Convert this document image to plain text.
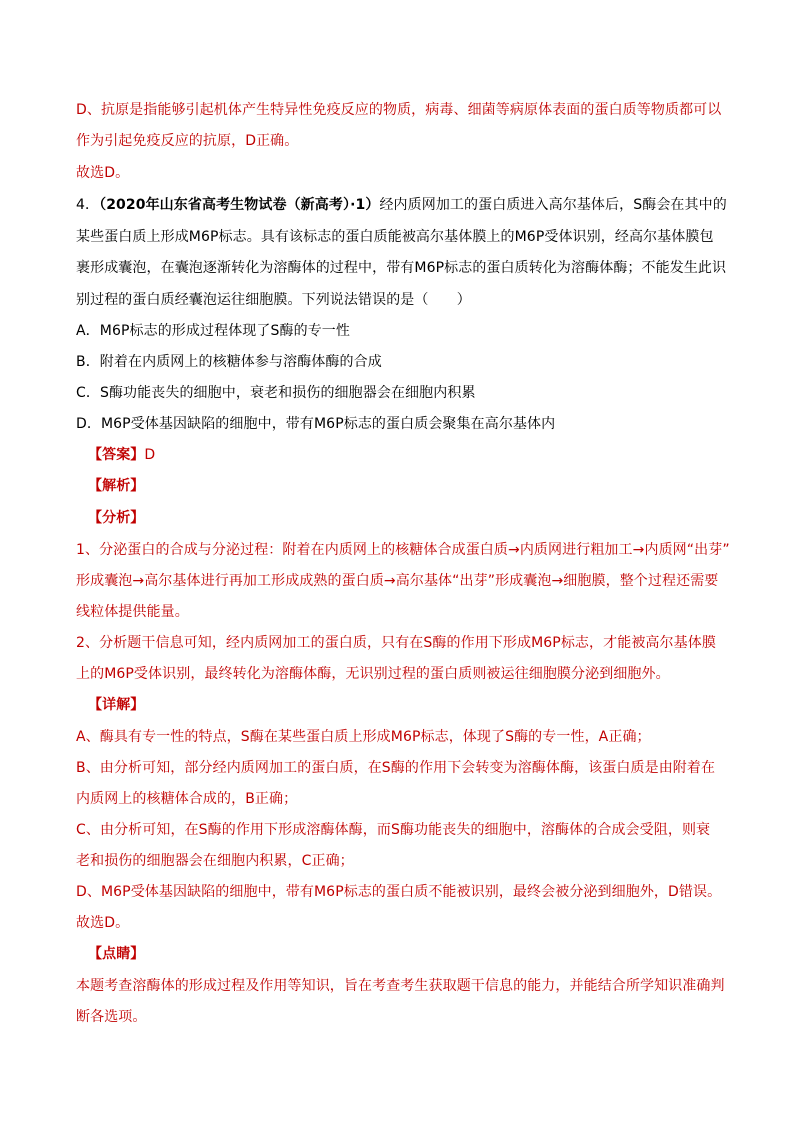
D、抗原是指能够引起机体产生特异性免疫反应的物质，病毒、细菌等病原体表面的蛋白质等物质都可以
作为引起免疫反应的抗原，D正确。
故选D。
4．（2020年山东省高考生物试卷（新高考）·1）经内质网加工的蛋白质进入高尔基体后，S酶会在其中的
某些蛋白质上形成M6P标志。具有该标志的蛋白质能被高尔基体膜上的M6P受体识别，经高尔基体膜包
裹形成囊泡，在囊泡逐渐转化为溶酶体的过程中，带有M6P标志的蛋白质转化为溶酶体酶；不能发生此识
别过程的蛋白质经囊泡运往细胞膜。下列说法错误的是（　　）
A．M6P标志的形成过程体现了S酶的专一性
B．附着在内质网上的核糖体参与溶酶体酶的合成
C．S酶功能丧失的细胞中，衰老和损伤的细胞器会在细胞内积累
D．M6P受体基因缺陷的细胞中，带有M6P标志的蛋白质会聚集在高尔基体内
【答案】D
【解析】
【分析】
1、分泌蛋白的合成与分泌过程：附着在内质网上的核糖体合成蛋白质→内质网进行粗加工→内质网“出芽”
形成囊泡→高尔基体进行再加工形成成熟的蛋白质→高尔基体“出芽”形成囊泡→细胞膜，整个过程还需要
线粒体提供能量。
2、分析题干信息可知，经内质网加工的蛋白质，只有在S酶的作用下形成M6P标志，才能被高尔基体膜
上的M6P受体识别，最终转化为溶酶体酶，无识别过程的蛋白质则被运往细胞膜分泌到细胞外。
【详解】
A、酶具有专一性的特点，S酶在某些蛋白质上形成M6P标志，体现了S酶的专一性，A正确；
B、由分析可知，部分经内质网加工的蛋白质，在S酶的作用下会转变为溶酶体酶，该蛋白质是由附着在
内质网上的核糖体合成的，B正确；
C、由分析可知，在S酶的作用下形成溶酶体酶，而S酶功能丧失的细胞中，溶酶体的合成会受阻，则衰
老和损伤的细胞器会在细胞内积累，C正确；
D、M6P受体基因缺陷的细胞中，带有M6P标志的蛋白质不能被识别，最终会被分泌到细胞外，D错误。
故选D。
【点睛】
本题考查溶酶体的形成过程及作用等知识，旨在考查考生获取题干信息的能力，并能结合所学知识准确判
断各选项。
